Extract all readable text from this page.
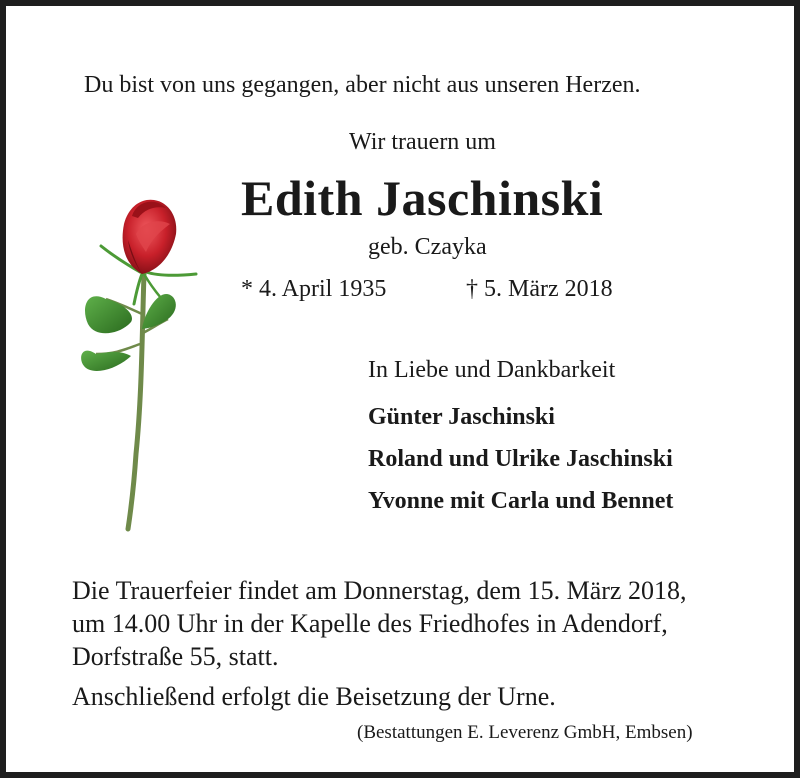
Du bist von uns gegangen, aber nicht aus unseren Herzen.
Wir trauern um
Edith Jaschinski
geb. Czayka
* 4. April 1935	† 5. März 2018
In Liebe und Dankbarkeit
Günter Jaschinski
Roland und Ulrike Jaschinski
Yvonne mit Carla und Bennet
Die Trauerfeier findet am Donnerstag, dem 15. März 2018,
um 14.00 Uhr in der Kapelle des Friedhofes in Adendorf,
Dorfstraße 55, statt.
Anschließend erfolgt die Beisetzung der Urne.
(Bestattungen E. Leverenz GmbH, Embsen)
